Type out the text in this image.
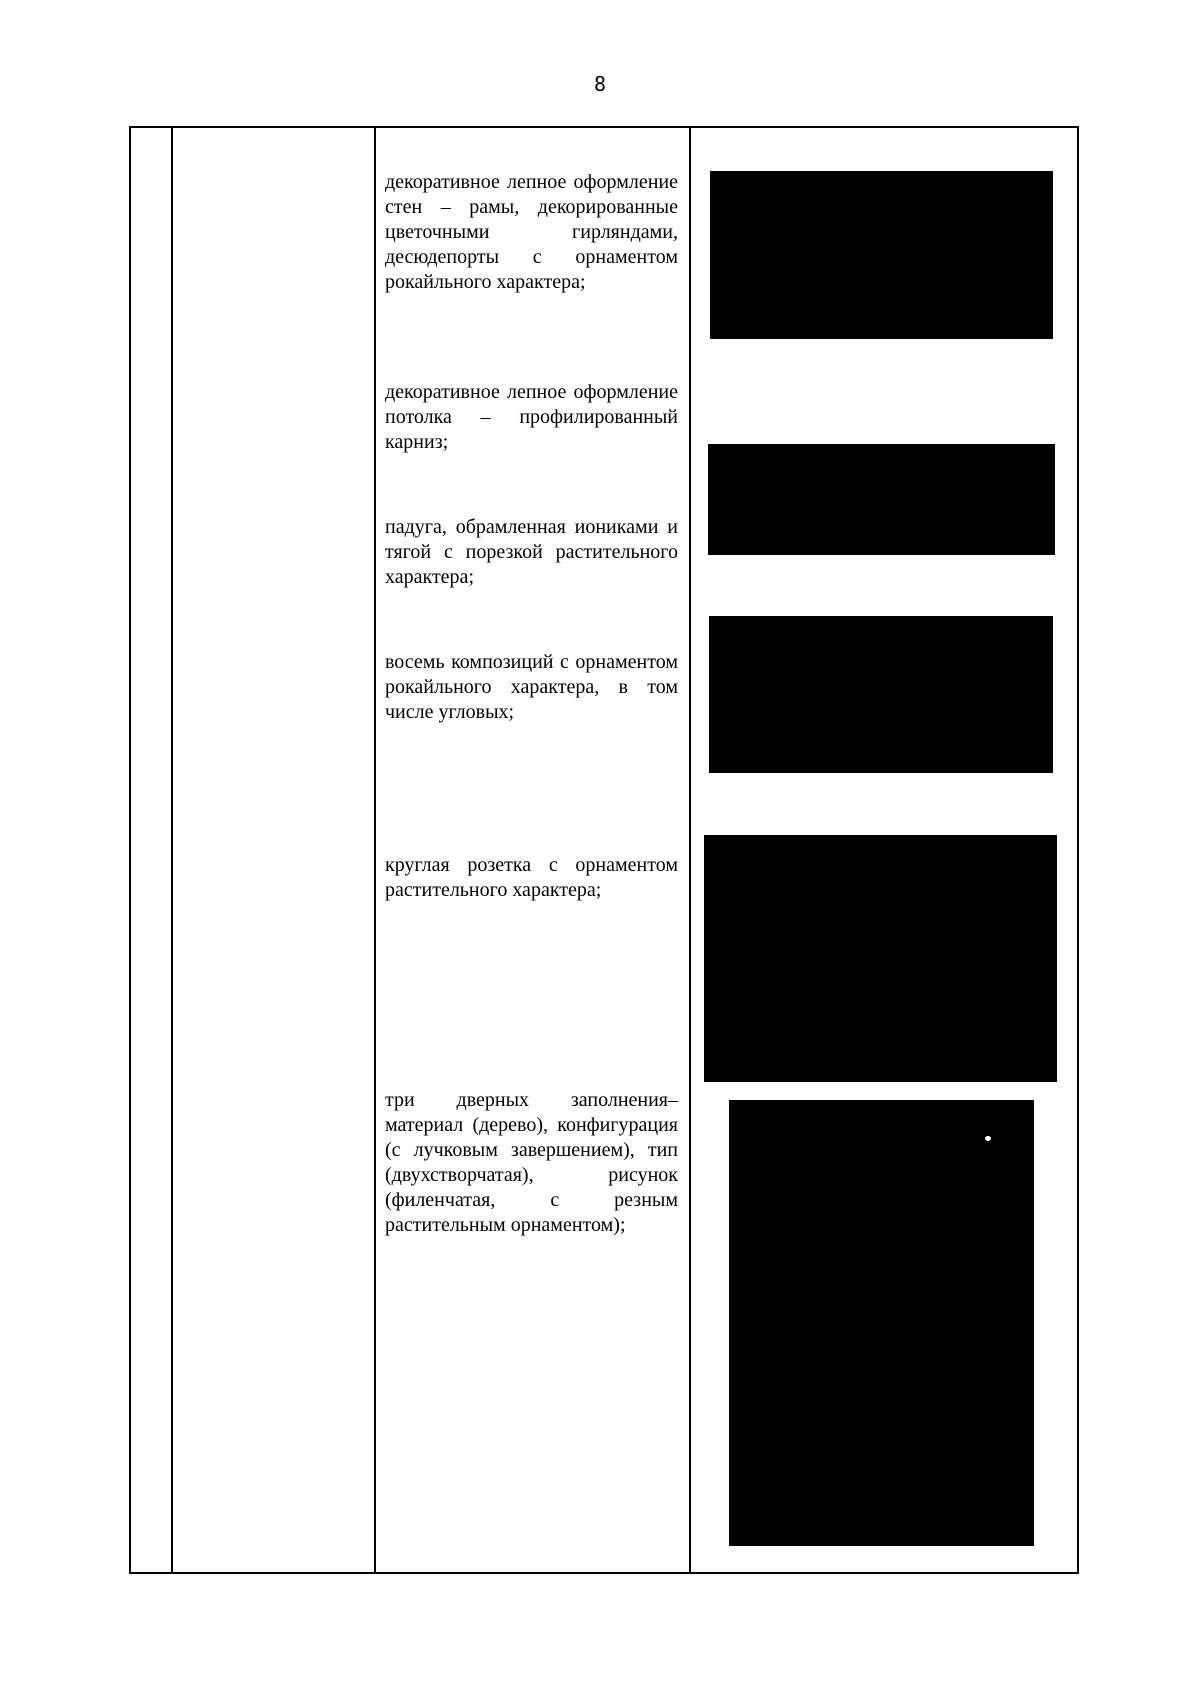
8

декоративное лепное оформление стен – рамы, декорированные цветочными гирляндами, десюдепорты с орнаментом рокайльного характера;

декоративное лепное оформление потолка – профилированный карниз;

падуга, обрамленная иониками и тягой с порезкой растительного характера;

восемь композиций с орнаментом рокайльного характера, в том числе угловых;

круглая розетка с орнаментом растительного характера;

три дверных заполнения– материал (дерево), конфигурация (с лучковым завершением), тип (двухстворчатая), рисунок (филенчатая, с резным растительным орнаментом);
